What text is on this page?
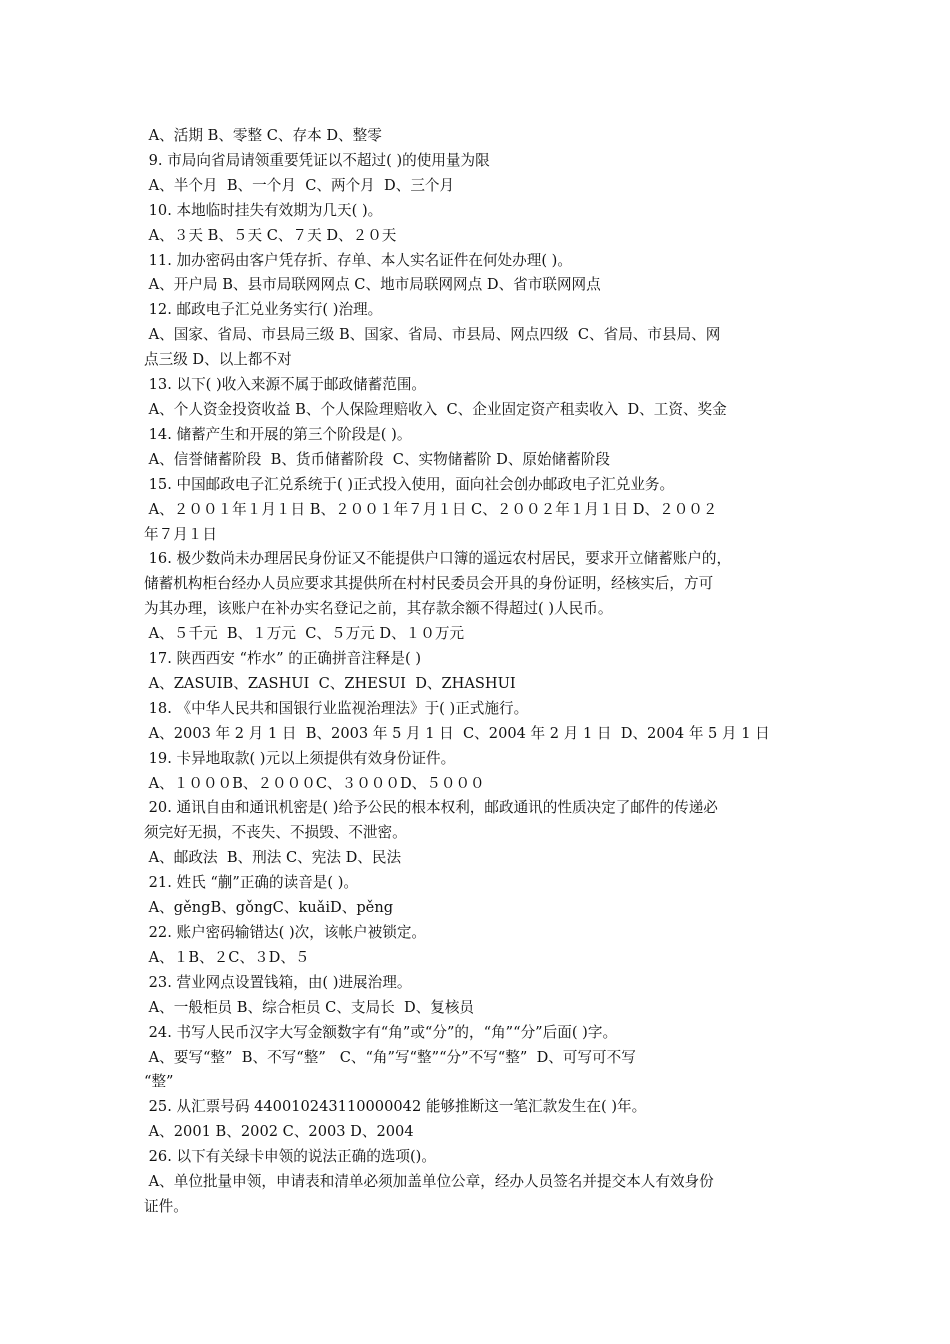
A、活期 B、零整 C、存本 D、整零
9. 市局向省局请领重要凭证以不超过( )的使用量为限
A、半个月  B、一个月  C、两个月  D、三个月
10. 本地临时挂失有效期为几天( )。
A、３天 B、５天 C、７天 D、２０天
11. 加办密码由客户凭存折、存单、本人实名证件在何处办理( )。
A、开户局 B、县市局联网网点 C、地市局联网网点 D、省市联网网点
12. 邮政电子汇兑业务实行( )治理。
A、国家、省局、市县局三级 B、国家、省局、市县局、网点四级  C、省局、市县局、网
点三级 D、以上都不对
13. 以下( )收入来源不属于邮政储蓄范围。
A、个人资金投资收益 B、个人保险理赔收入  C、企业固定资产租卖收入  D、工资、奖金
14. 储蓄产生和开展的第三个阶段是( )。
A、信誉储蓄阶段  B、货币储蓄阶段  C、实物储蓄阶 D、原始储蓄阶段
15. 中国邮政电子汇兑系统于( )正式投入使用，面向社会创办邮政电子汇兑业务。
A、２００１年１月１日 B、２００１年７月１日 C、２００２年１月１日 D、２００２
年７月１日
16. 极少数尚未办理居民身份证又不能提供户口簿的遥远农村居民，要求开立储蓄账户的，
储蓄机构柜台经办人员应要求其提供所在村村民委员会开具的身份证明，经核实后，方可
为其办理，该账户在补办实名登记之前，其存款余额不得超过( )人民币。
A、５千元  B、１万元  C、５万元 D、１０万元
17. 陕西西安 “柞水” 的正确拼音注释是( )
A、ZASUIB、ZASHUI  C、ZHESUI  D、ZHASHUI
18. 《中华人民共和国银行业监视治理法》于( )正式施行。
A、2003 年 2 月 1 日  B、2003 年 5 月 1 日  C、2004 年 2 月 1 日  D、2004 年 5 月 1 日
19. 卡异地取款( )元以上须提供有效身份证件。
A、１０００B、２０００C、３０００D、５０００
20. 通讯自由和通讯机密是( )给予公民的根本权利，邮政通讯的性质决定了邮件的传递必
须完好无损，不丧失、不损毁、不泄密。
A、邮政法  B、刑法 C、宪法 D、民法
21. 姓氏 “蒯”正确的读音是( )。
A、gěngB、gǒngC、kuǎiD、pěng
22. 账户密码输错达( )次，该帐户被锁定。
A、１B、２C、３D、５
23. 营业网点设置钱箱，由( )进展治理。
A、一般柜员 B、综合柜员 C、支局长  D、复核员
24. 书写人民币汉字大写金额数字有“角”或“分”的，“角”“分”后面( )字。
A、要写“整”  B、不写“整”   C、“角”写“整”“分”不写“整”  D、可写可不写
“整”
25. 从汇票号码 440010243110000042 能够推断这一笔汇款发生在( )年。
A、2001 B、2002 C、2003 D、2004
26. 以下有关绿卡申领的说法正确的选项()。
A、单位批量申领，申请表和清单必须加盖单位公章，经办人员签名并提交本人有效身份
证件。
